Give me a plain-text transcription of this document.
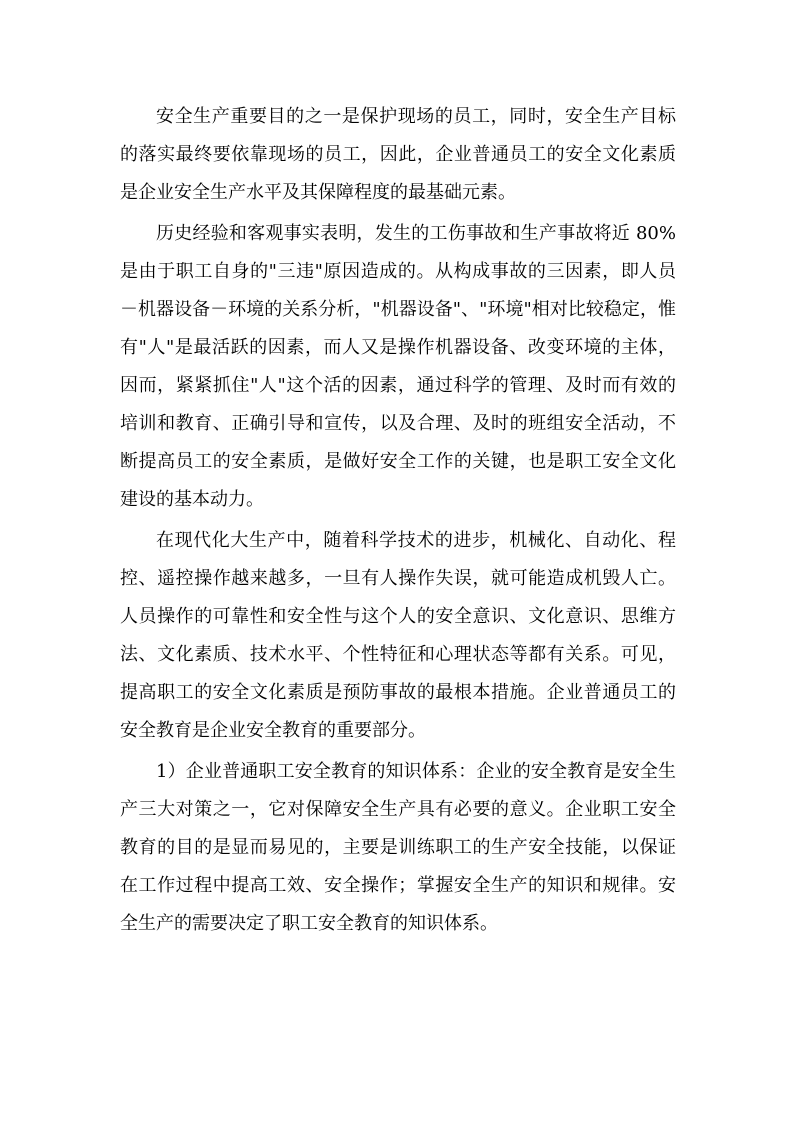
安全生产重要目的之一是保护现场的员工，同时，安全生产目标的落实最终要依靠现场的员工，因此，企业普通员工的安全文化素质是企业安全生产水平及其保障程度的最基础元素。

历史经验和客观事实表明，发生的工伤事故和生产事故将近 80%是由于职工自身的"三违"原因造成的。从构成事故的三因素，即人员－机器设备－环境的关系分析，"机器设备"、"环境"相对比较稳定，惟有"人"是最活跃的因素，而人又是操作机器设备、改变环境的主体，因而，紧紧抓住"人"这个活的因素，通过科学的管理、及时而有效的培训和教育、正确引导和宣传，以及合理、及时的班组安全活动，不断提高员工的安全素质，是做好安全工作的关键，也是职工安全文化建设的基本动力。

在现代化大生产中，随着科学技术的进步，机械化、自动化、程控、遥控操作越来越多，一旦有人操作失误，就可能造成机毁人亡。人员操作的可靠性和安全性与这个人的安全意识、文化意识、思维方法、文化素质、技术水平、个性特征和心理状态等都有关系。可见，提高职工的安全文化素质是预防事故的最根本措施。企业普通员工的安全教育是企业安全教育的重要部分。

1）企业普通职工安全教育的知识体系：企业的安全教育是安全生产三大对策之一，它对保障安全生产具有必要的意义。企业职工安全教育的目的是显而易见的，主要是训练职工的生产安全技能，以保证在工作过程中提高工效、安全操作；掌握安全生产的知识和规律。安全生产的需要决定了职工安全教育的知识体系。
